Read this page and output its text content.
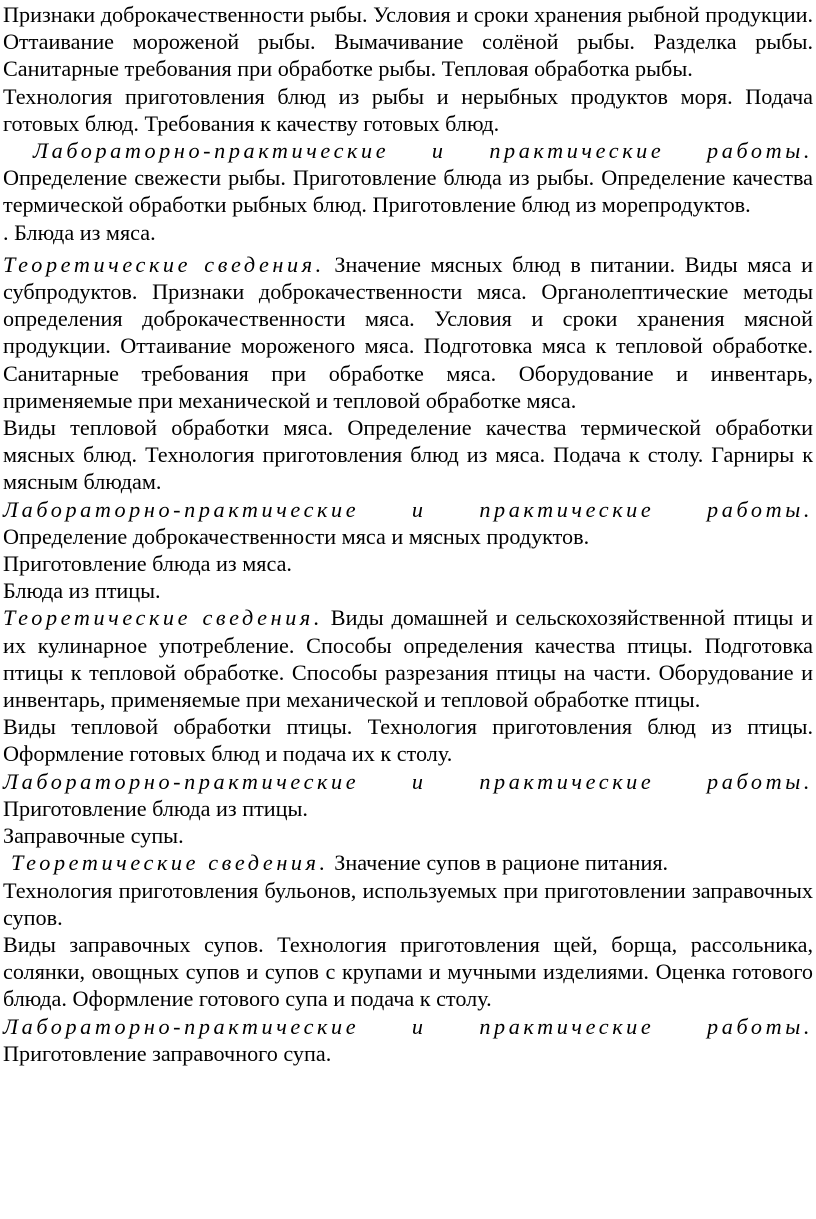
Признаки доброкачественности рыбы. Условия и сроки хранения рыбной продукции. Оттаивание мороженой рыбы. Вымачивание солёной рыбы. Разделка рыбы. Санитарные требования при обработке рыбы. Тепловая обработка рыбы.

Технология приготовления блюд из рыбы и нерыбных продуктов моря. Подача готовых блюд. Требования к качеству готовых блюд.

Лабораторно-практические и практические работы.

Определение свежести рыбы. Приготовление блюда из рыбы. Определение качества термической обработки рыбных блюд. Приготовление блюд из морепродуктов.

. Блюда из мяса.

Теоретические сведения. Значение мясных блюд в питании. Виды мяса и субпродуктов. Признаки доброкачественности мяса. Органолептические методы определения доброкачественности мяса. Условия и сроки хранения мясной продукции. Оттаивание мороженого мяса. Подготовка мяса к тепловой обработке. Санитарные требования при обработке мяса. Оборудование и инвентарь, применяемые при механической и тепловой обработке мяса.

Виды тепловой обработки мяса. Определение качества термической обработки мясных блюд. Технология приготовления блюд из мяса. Подача к столу. Гарниры к мясным блюдам.

Лабораторно-практические и практические работы.

Определение доброкачественности мяса и мясных продуктов.

Приготовление блюда из мяса.

Блюда из птицы.

Теоретические сведения. Виды домашней и сельскохозяйственной птицы и их кулинарное употребление. Способы определения качества птицы. Подготовка птицы к тепловой обработке. Способы разрезания птицы на части. Оборудование и инвентарь, применяемые при механической и тепловой обработке птицы.

Виды тепловой обработки птицы. Технология приготовления блюд из птицы. Оформление готовых блюд и подача их к столу.

Лабораторно-практические и практические работы.

Приготовление блюда из птицы.

Заправочные супы.

Теоретические сведения. Значение супов в рационе питания.

Технология приготовления бульонов, используемых при приготовлении заправочных супов.

Виды заправочных супов. Технология приготовления щей, борща, рассольника, солянки, овощных супов и супов с крупами и мучными изделиями. Оценка готового блюда. Оформление готового супа и подача к столу.

Лабораторно-практические и практические работы.

Приготовление заправочного супа.
